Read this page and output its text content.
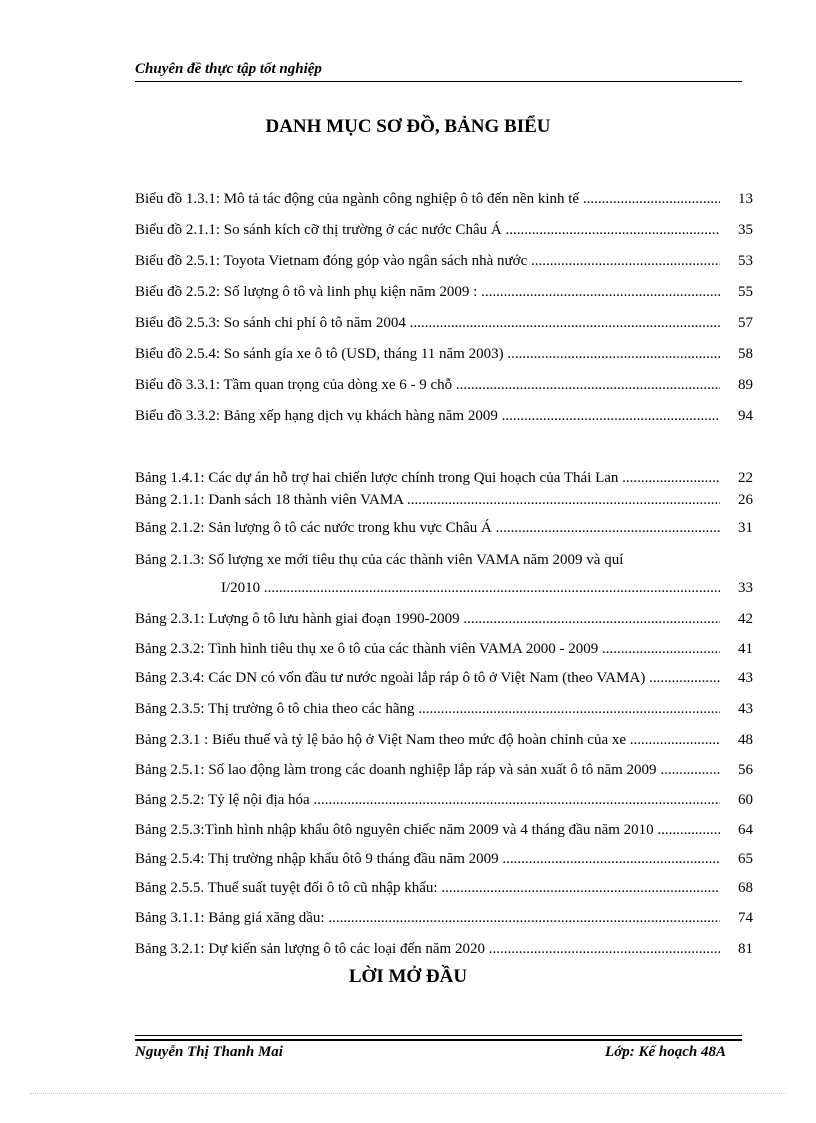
Chuyên đề thực tập tốt nghiệp
DANH MỤC SƠ ĐỒ, BẢNG BIỂU
Biểu đồ 1.3.1: Mô tả tác động của ngành công nghiệp ô tô đến nền kinh tế .....	13
Biểu đồ 2.1.1: So sánh kích cỡ thị trường ở các nước Châu Á .....	35
Biểu đồ 2.5.1: Toyota Vietnam đóng góp vào ngân sách nhà nước .....	53
Biểu đồ 2.5.2: Số lượng ô tô và linh phụ kiện năm 2009 : .....	55
Biểu đồ 2.5.3: So sánh chi phí ô tô năm 2004 .....	57
Biểu đồ 2.5.4: So sánh gía xe ô tô (USD, tháng 11 năm 2003) .....	58
Biểu đồ 3.3.1: Tầm quan trọng của dòng xe 6 - 9 chỗ .....	89
Biểu đồ 3.3.2: Bảng xếp hạng dịch vụ khách hàng năm 2009 .....	94
Bảng 1.4.1: Các dự án hỗ trợ hai chiến lược chính trong Qui hoạch của Thái Lan .....	22
Bảng 2.1.1: Danh sách 18 thành viên VAMA .....	26
Bảng 2.1.2: Sản lượng ô tô các nước trong khu vực Châu Á .....	31
Bảng 2.1.3: Số lượng xe mới tiêu thụ của các thành viên VAMA năm 2009 và quí
I/2010 .....	33
Bảng 2.3.1: Lượng ô tô lưu hành giai đoạn 1990-2009 .....	42
Bảng 2.3.2: Tình hình tiêu thụ xe ô tô của các thành viên VAMA 2000 - 2009 .....	41
Bảng 2.3.4: Các DN có vốn đầu tư nước ngoài lắp ráp ô tô ở Việt Nam (theo VAMA) .....	43
Bảng 2.3.5: Thị trường ô tô chia theo các hãng .....	43
Bảng 2.3.1 : Biểu thuế và tỷ lệ bảo hộ ở Việt Nam theo mức độ hoàn chỉnh của xe .....	48
Bảng 2.5.1: Số lao động làm trong các doanh nghiệp lắp ráp và sản xuất ô tô năm 2009 .....	56
Bảng 2.5.2: Tỷ lệ nội địa hóa .....	60
Bảng 2.5.3:Tình hình nhập khẩu ôtô nguyên chiếc năm 2009 và 4 tháng đầu năm 2010 .....	64
Bảng 2.5.4: Thị trường nhập khẩu ôtô 9 tháng đầu năm 2009 .....	65
Bảng 2.5.5. Thuế suất tuyệt đối ô tô cũ nhập khẩu: .....	68
Bảng 3.1.1: Bảng giá xăng dầu: .....	74
Bảng 3.2.1: Dự kiến sản lượng ô tô các loại đến năm 2020 .....	81
LỜI MỞ ĐẦU
Nguyễn Thị Thanh Mai	Lớp: Kế hoạch 48A
